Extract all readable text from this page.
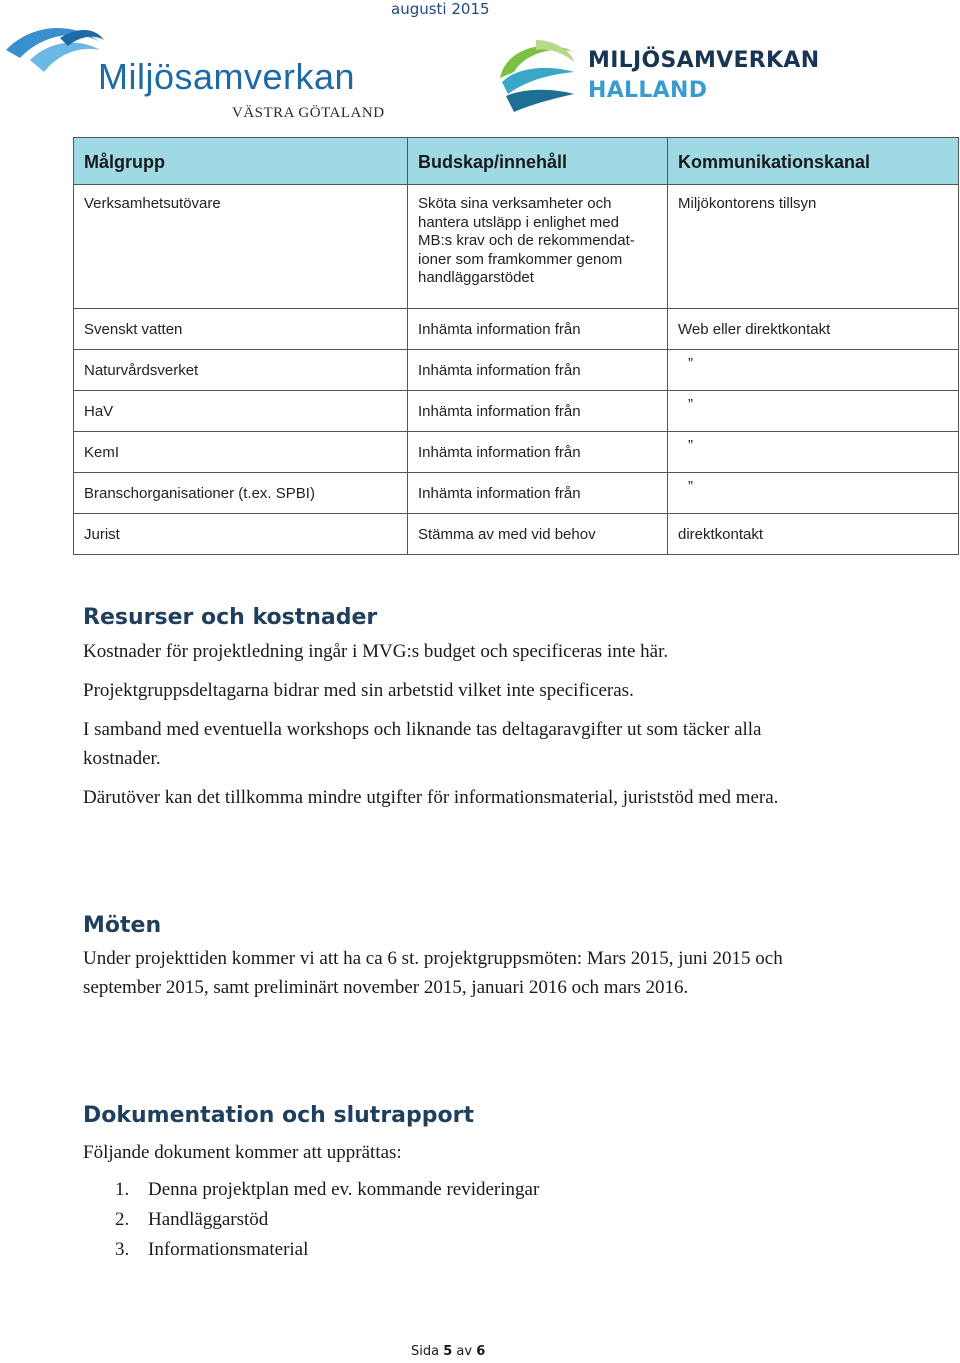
augusti 2015
Miljösamverkan
VÄSTRA GÖTALAND
MILJÖSAMVERKAN
HALLAND
Målgrupp	Budskap/innehåll	Kommunikationskanal
Verksamhetsutövare	Sköta sina verksamheter och
hantera utsläpp i enlighet med
MB:s krav och de rekommendat-
ioner som framkommer genom
handläggarstödet	Miljökontorens tillsyn
Svenskt vatten	Inhämta information från	Web eller direktkontakt
Naturvårdsverket	Inhämta information från	”
HaV	Inhämta information från	”
KemI	Inhämta information från	”
Branschorganisationer (t.ex. SPBI)	Inhämta information från	”
Jurist	Stämma av med vid behov	direktkontakt
Resurser och kostnader

Kostnader för projektledning ingår i MVG:s budget och specificeras inte här.

Projektgruppsdeltagarna bidrar med sin arbetstid vilket inte specificeras.

I samband med eventuella workshops och liknande tas deltagaravgifter ut som täcker alla kostnader.

Därutöver kan det tillkomma mindre utgifter för informationsmaterial, juriststöd med mera.

Möten

Under projekttiden kommer vi att ha ca 6 st. projektgruppsmöten: Mars 2015, juni 2015 och september 2015, samt preliminärt november 2015, januari 2016 och mars 2016.

Dokumentation och slutrapport

Följande dokument kommer att upprättas:

1. Denna projektplan med ev. kommande revideringar
2. Handläggarstöd
3. Informationsmaterial
Sida 5 av 6
